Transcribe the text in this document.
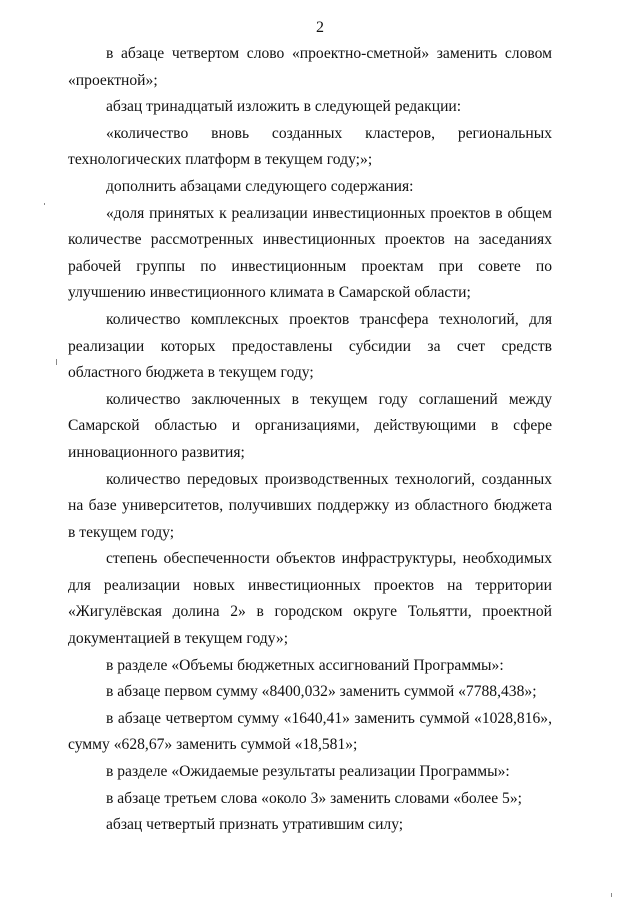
2

в абзаце четвертом слово «проектно-сметной» заменить словом «проектной»;

абзац тринадцатый изложить в следующей редакции:

«количество вновь созданных кластеров, региональных технологических платформ в текущем году;»;

дополнить абзацами следующего содержания:

«доля принятых к реализации инвестиционных проектов в общем количестве рассмотренных инвестиционных проектов на заседаниях рабочей группы по инвестиционным проектам при совете по улучшению инвестиционного климата в Самарской области;

количество комплексных проектов трансфера технологий, для реализации которых предоставлены субсидии за счет средств областного бюджета в текущем году;

количество заключенных в текущем году соглашений между Самарской областью и организациями, действующими в сфере инновационного развития;

количество передовых производственных технологий, созданных на базе университетов, получивших поддержку из областного бюджета в текущем году;

степень обеспеченности объектов инфраструктуры, необходимых для реализации новых инвестиционных проектов на территории «Жигулёвская долина 2» в городском округе Тольятти, проектной документацией в текущем году»;

в разделе «Объемы бюджетных ассигнований Программы»:

в абзаце первом сумму «8400,032» заменить суммой «7788,438»;

в абзаце четвертом сумму «1640,41» заменить суммой «1028,816», сумму «628,67» заменить суммой «18,581»;

в разделе «Ожидаемые результаты реализации Программы»:

в абзаце третьем слова «около 3» заменить словами «более 5»;

абзац четвертый признать утратившим силу;
